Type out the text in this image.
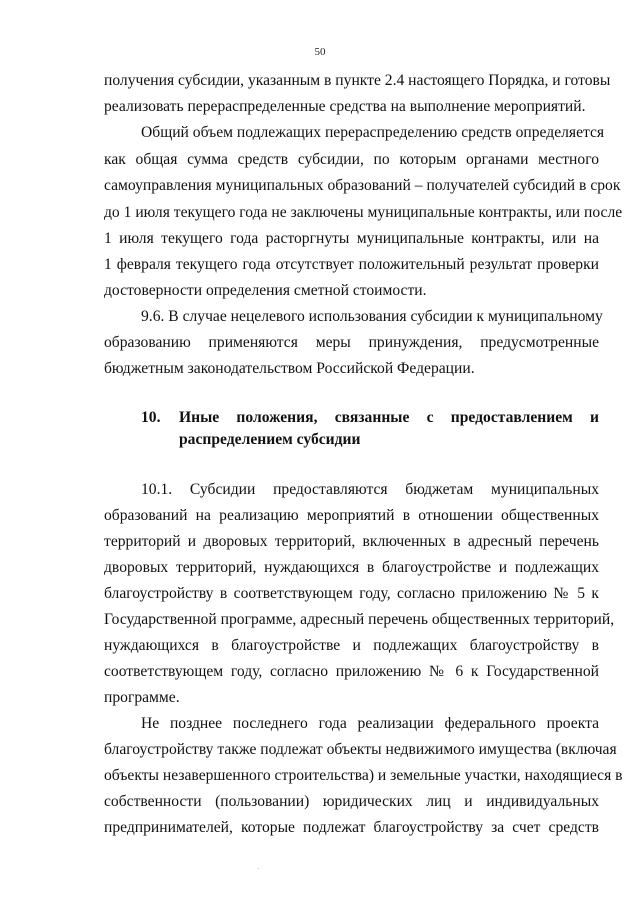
50
получения субсидии, указанным в пункте 2.4 настоящего Порядка, и готовы
реализовать перераспределенные средства на выполнение мероприятий.
Общий объем подлежащих перераспределению средств определяется
как общая сумма средств субсидии, по которым органами местного
самоуправления муниципальных образований – получателей субсидий в срок
до 1 июля текущего года не заключены муниципальные контракты, или после
1 июля текущего года расторгнуты муниципальные контракты, или на
1 февраля текущего года отсутствует положительный результат проверки
достоверности определения сметной стоимости.
9.6. В случае нецелевого использования субсидии к муниципальному
образованию применяются меры принуждения, предусмотренные
бюджетным законодательством Российской Федерации.
10. Иные положения, связанные с предоставлением и
распределением субсидии
10.1. Субсидии предоставляются бюджетам муниципальных
образований на реализацию мероприятий в отношении общественных
территорий и дворовых территорий, включенных в адресный перечень
дворовых территорий, нуждающихся в благоустройстве и подлежащих
благоустройству в соответствующем году, согласно приложению № 5 к
Государственной программе, адресный перечень общественных территорий,
нуждающихся в благоустройстве и подлежащих благоустройству в
соответствующем году, согласно приложению № 6 к Государственной
программе.
Не позднее последнего года реализации федерального проекта
благоустройству также подлежат объекты недвижимого имущества (включая
объекты незавершенного строительства) и земельные участки, находящиеся в
собственности (пользовании) юридических лиц и индивидуальных
предпринимателей, которые подлежат благоустройству за счет средств
